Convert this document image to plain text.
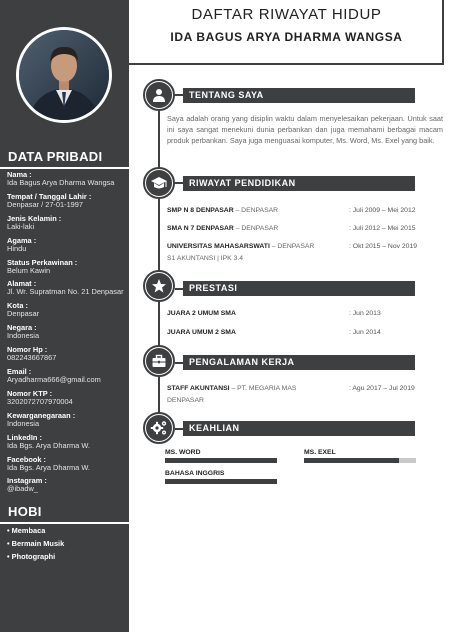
DATA PRIBADI
Nama :
Ida Bagus Arya Dharma Wangsa
Tempat / Tanggal Lahir :
Denpasar / 27-01-1997
Jenis Kelamin :
Laki-laki
Agama :
Hindu
Status Perkawinan :
Belum Kawin
Alamat :
Jl. Wr. Supratman No. 21 Denpasar
Kota :
Denpasar
Negara :
Indonesia
Nomor Hp :
082243667867
Email :
Aryadharma666@gmail.com
Nomor KTP :
3202072707970004
Kewarganegaraan :
Indonesia
LinkedIn :
Ida Bgs. Arya Dharma W.
Facebook :
Ida Bgs. Arya Dharma W.
Instagram :
@ibadw_
HOBI
• Membaca
• Bermain Musik
• Photographi
DAFTAR RIWAYAT HIDUP
IDA BAGUS ARYA DHARMA WANGSA
TENTANG SAYA
Saya adalah orang yang disiplin waktu dalam menyelesaikan pekerjaan. Untuk saat ini saya sangat menekuni dunia perbankan dan juga memahami berbagai macam produk perbankan. Saya juga menguasai komputer, Ms. Word, Ms. Exel yang baik.
RIWAYAT PENDIDIKAN
SMP N 8 DENPASAR – DENPASAR	: Juli 2009 – Mei 2012
SMA N 7 DENPASAR – DENPASAR	: Juli 2012 – Mei 2015
UNIVERSITAS MAHASARSWATI – DENPASAR	: Okt 2015 – Nov 2019
S1 AKUNTANSI | IPK 3.4
PRESTASI
JUARA 2 UMUM SMA	: Jun 2013
JUARA UMUM 2 SMA	: Jun 2014
PENGALAMAN KERJA
STAFF AKUNTANSI – PT. MEGARIA MAS	: Agu 2017 – Jul 2019
DENPASAR
KEAHLIAN
MS. WORD	MS. EXEL
BAHASA INGGRIS
